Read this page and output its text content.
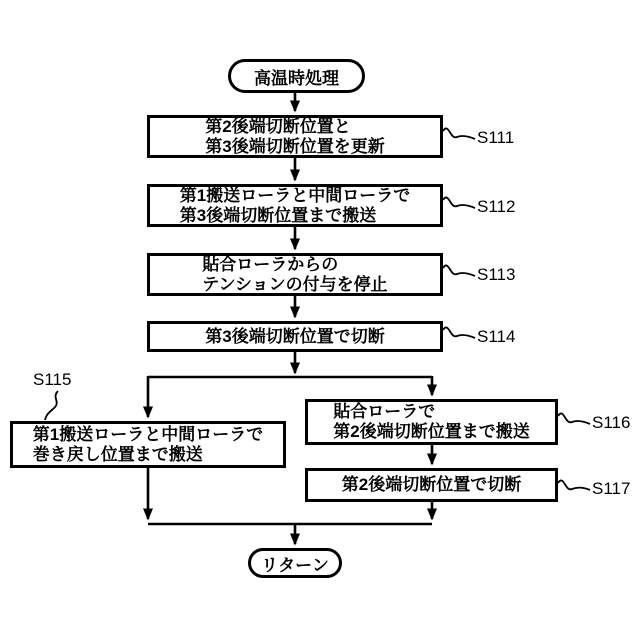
高温時処理
リターン
第2後端切断位置と
第3後端切断位置を更新
第1搬送ローラと中間ローラで
第3後端切断位置まで搬送
貼合ローラからの
テンションの付与を停止
第3後端切断位置で切断
第1搬送ローラと中間ローラで
巻き戻し位置まで搬送
貼合ローラで
第2後端切断位置まで搬送
第2後端切断位置で切断
S111
S112
S113
S114
S115
S116
S117
